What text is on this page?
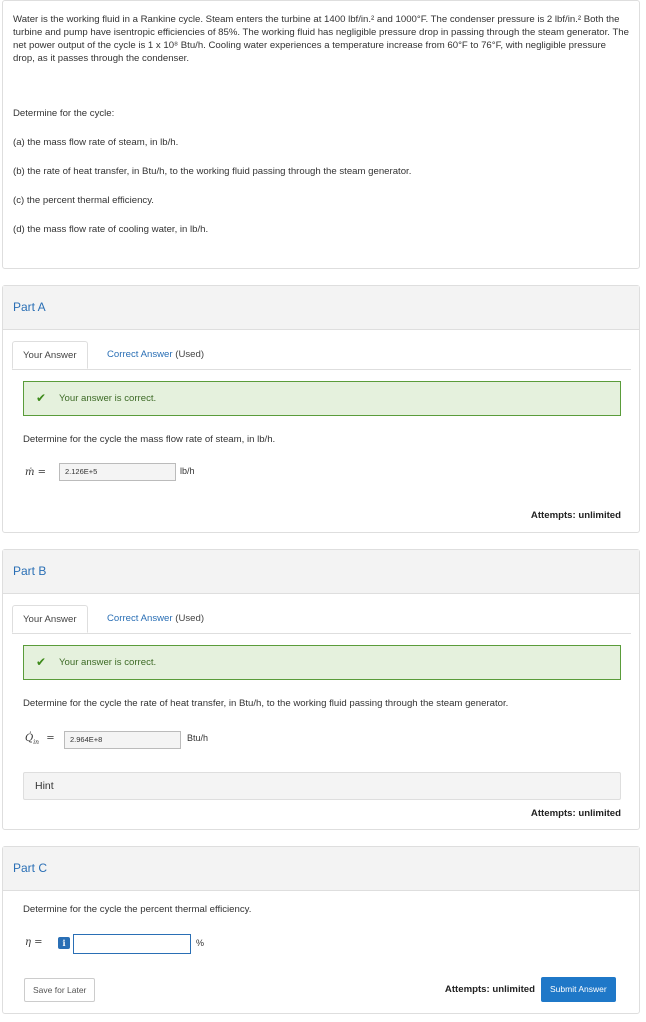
Water is the working fluid in a Rankine cycle. Steam enters the turbine at 1400 lbf/in.² and 1000°F. The condenser pressure is 2 lbf/in.² Both the turbine and pump have isentropic efficiencies of 85%. The working fluid has negligible pressure drop in passing through the steam generator. The net power output of the cycle is 1 x 10⁸ Btu/h. Cooling water experiences a temperature increase from 60°F to 76°F, with negligible pressure drop, as it passes through the condenser.

Determine for the cycle:

(a) the mass flow rate of steam, in lb/h.

(b) the rate of heat transfer, in Btu/h, to the working fluid passing through the steam generator.

(c) the percent thermal efficiency.

(d) the mass flow rate of cooling water, in lb/h.

Part A
Your Answer	Correct Answer (Used)
✔ Your answer is correct.
Determine for the cycle the mass flow rate of steam, in lb/h.
ṁ =	2.126E+5	lb/h
Attempts: unlimited
Part B
Your Answer	Correct Answer (Used)
✔ Your answer is correct.
Determine for the cycle the rate of heat transfer, in Btu/h, to the working fluid passing through the steam generator.
$Q̇_{in}$ =	2.964E+8	Btu/h
Hint
Attempts: unlimited
Part C
Determine for the cycle the percent thermal efficiency.
η =	i	%
Save for Later	Attempts: unlimited	Submit Answer
